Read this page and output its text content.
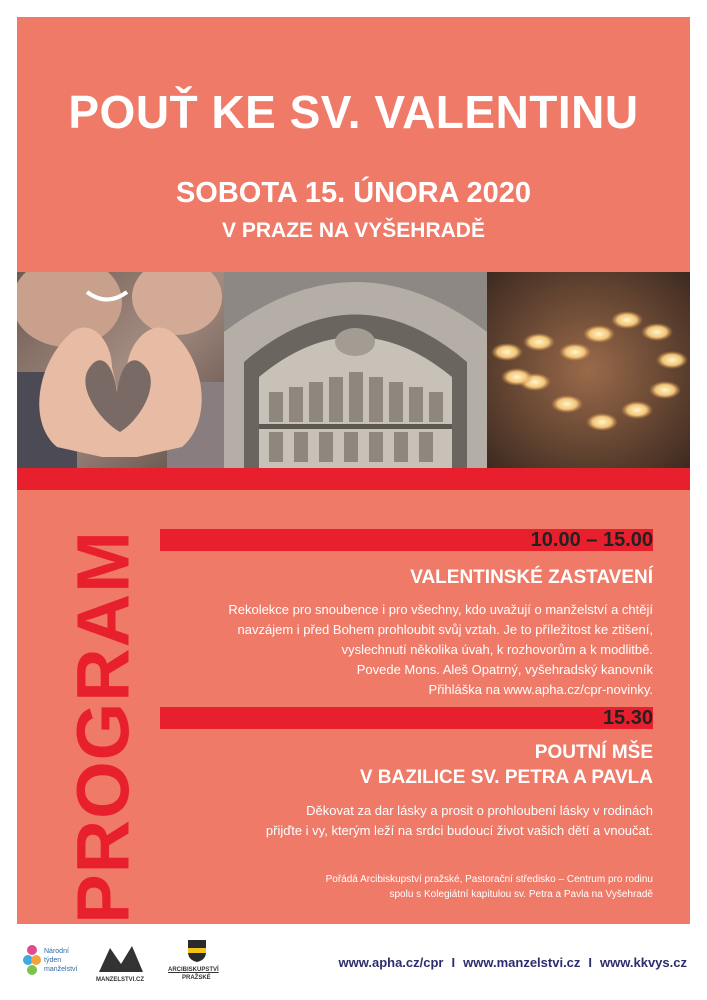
POUŤ KE SV. VALENTINU
SOBOTA 15. ÚNORA 2020
V PRAZE NA VYŠEHRADĚ
PROGRAM	10.00 – 15.00
VALENTINSKÉ ZASTAVENÍ
Rekolekce pro snoubence i pro všechny, kdo uvažují o manželství a chtějí
navzájem i před Bohem prohloubit svůj vztah. Je to příležitost ke ztišení,
vyslechnutí několika úvah, k rozhovorům a k modlitbě.
Povede Mons. Aleš Opatrný, vyšehradský kanovník
Přihláška na www.apha.cz/cpr-novinky.
15.30
POUTNÍ MŠE
V BAZILICE SV. PETRA A PAVLA
Děkovat za dar lásky a prosit o prohloubení lásky v rodinách
přijďte i vy, kterým leží na srdci budoucí život vašich dětí a vnoučat.
Pořádá Arcibiskupství pražské, Pastorační středisko – Centrum pro rodinu
spolu s Kolegiátní kapitulou sv. Petra a Pavla na Vyšehradě
Národní
týden
manželství
MANZELSTVI.CZ
ARCIBISKUPSTVÍ
PRAŽSKÉ
www.apha.cz/cpr I www.manzelstvi.cz I www.kkvys.cz
